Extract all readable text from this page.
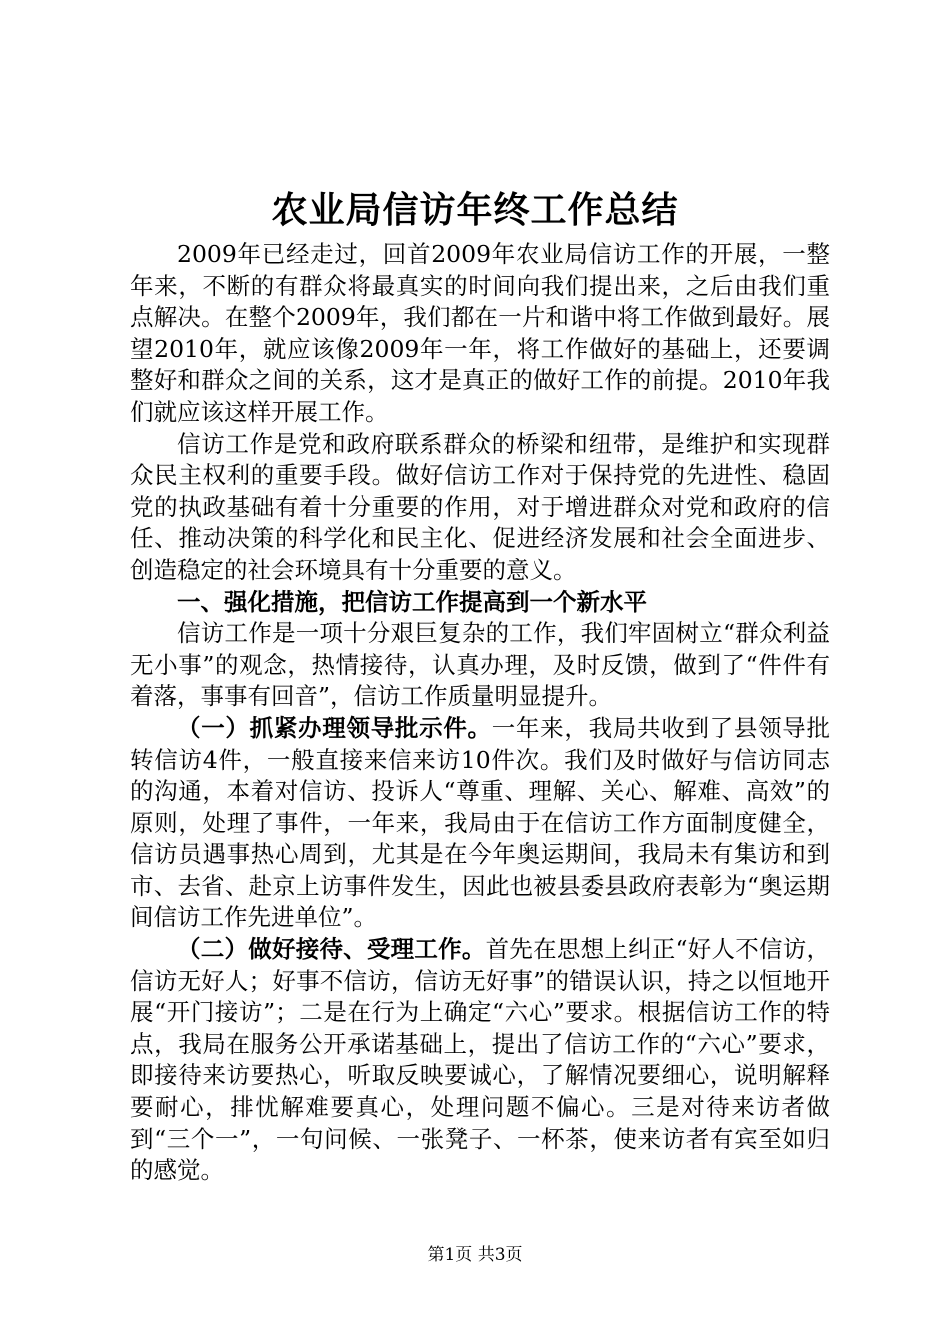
农业局信访年终工作总结

2009年已经走过，回首2009年农业局信访工作的开展，一整年来，不断的有群众将最真实的时间向我们提出来，之后由我们重点解决。在整个2009年，我们都在一片和谐中将工作做到最好。展望2010年，就应该像2009年一年，将工作做好的基础上，还要调整好和群众之间的关系，这才是真正的做好工作的前提。2010年我们就应该这样开展工作。

信访工作是党和政府联系群众的桥梁和纽带，是维护和实现群众民主权利的重要手段。做好信访工作对于保持党的先进性、稳固党的执政基础有着十分重要的作用，对于增进群众对党和政府的信任、推动决策的科学化和民主化、促进经济发展和社会全面进步、创造稳定的社会环境具有十分重要的意义。

一、强化措施，把信访工作提高到一个新水平

信访工作是一项十分艰巨复杂的工作，我们牢固树立“群众利益无小事”的观念，热情接待，认真办理，及时反馈，做到了“件件有着落，事事有回音”，信访工作质量明显提升。

（一）抓紧办理领导批示件。一年来，我局共收到了县领导批转信访4件，一般直接来信来访10件次。我们及时做好与信访同志的沟通，本着对信访、投诉人“尊重、理解、关心、解难、高效”的原则，处理了事件，一年来，我局由于在信访工作方面制度健全，信访员遇事热心周到，尤其是在今年奥运期间，我局未有集访和到市、去省、赴京上访事件发生，因此也被县委县政府表彰为“奥运期间信访工作先进单位”。

（二）做好接待、受理工作。首先在思想上纠正“好人不信访，信访无好人；好事不信访，信访无好事”的错误认识，持之以恒地开展“开门接访”；二是在行为上确定“六心”要求。根据信访工作的特点，我局在服务公开承诺基础上，提出了信访工作的“六心”要求，即接待来访要热心，听取反映要诚心，了解情况要细心，说明解释要耐心，排忧解难要真心，处理问题不偏心。三是对待来访者做到“三个一”，一句问候、一张凳子、一杯茶，使来访者有宾至如归的感觉。

第1页 共3页
